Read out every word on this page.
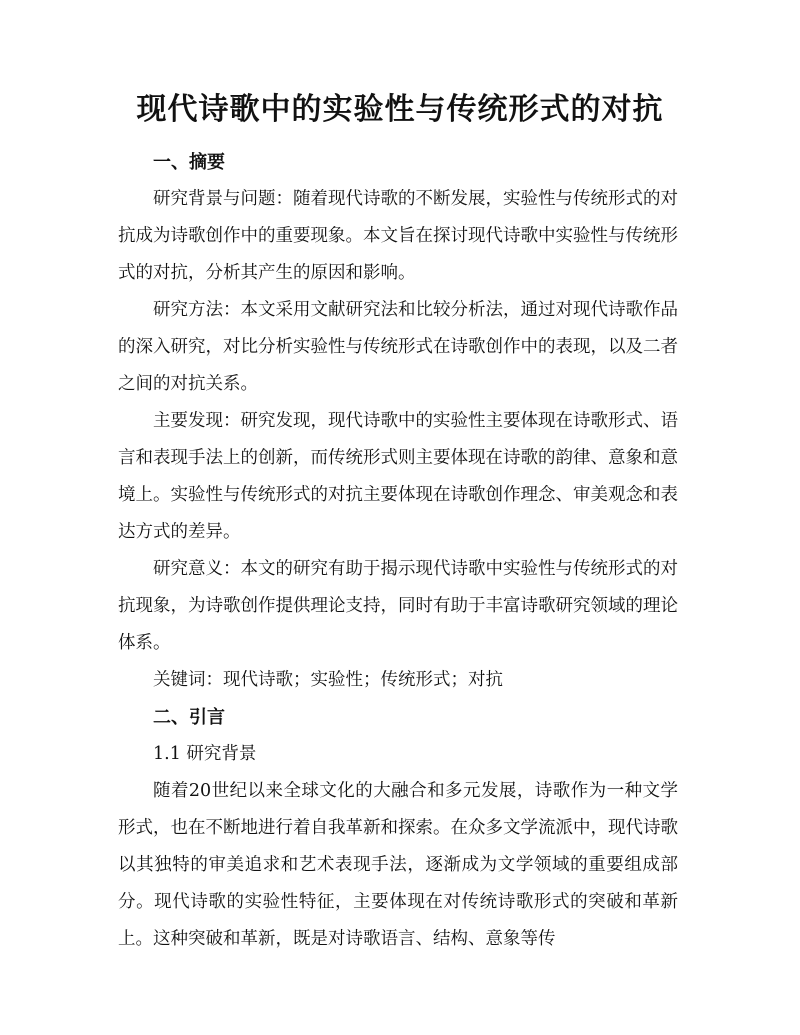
现代诗歌中的实验性与传统形式的对抗

一、摘要

研究背景与问题：随着现代诗歌的不断发展，实验性与传统形式的对抗成为诗歌创作中的重要现象。本文旨在探讨现代诗歌中实验性与传统形式的对抗，分析其产生的原因和影响。

研究方法：本文采用文献研究法和比较分析法，通过对现代诗歌作品的深入研究，对比分析实验性与传统形式在诗歌创作中的表现，以及二者之间的对抗关系。

主要发现：研究发现，现代诗歌中的实验性主要体现在诗歌形式、语言和表现手法上的创新，而传统形式则主要体现在诗歌的韵律、意象和意境上。实验性与传统形式的对抗主要体现在诗歌创作理念、审美观念和表达方式的差异。

研究意义：本文的研究有助于揭示现代诗歌中实验性与传统形式的对抗现象，为诗歌创作提供理论支持，同时有助于丰富诗歌研究领域的理论体系。

关键词：现代诗歌；实验性；传统形式；对抗

二、引言

1.1 研究背景

随着20世纪以来全球文化的大融合和多元发展，诗歌作为一种文学形式，也在不断地进行着自我革新和探索。在众多文学流派中，现代诗歌以其独特的审美追求和艺术表现手法，逐渐成为文学领域的重要组成部分。现代诗歌的实验性特征，主要体现在对传统诗歌形式的突破和革新上。这种突破和革新，既是对诗歌语言、结构、意象等传
